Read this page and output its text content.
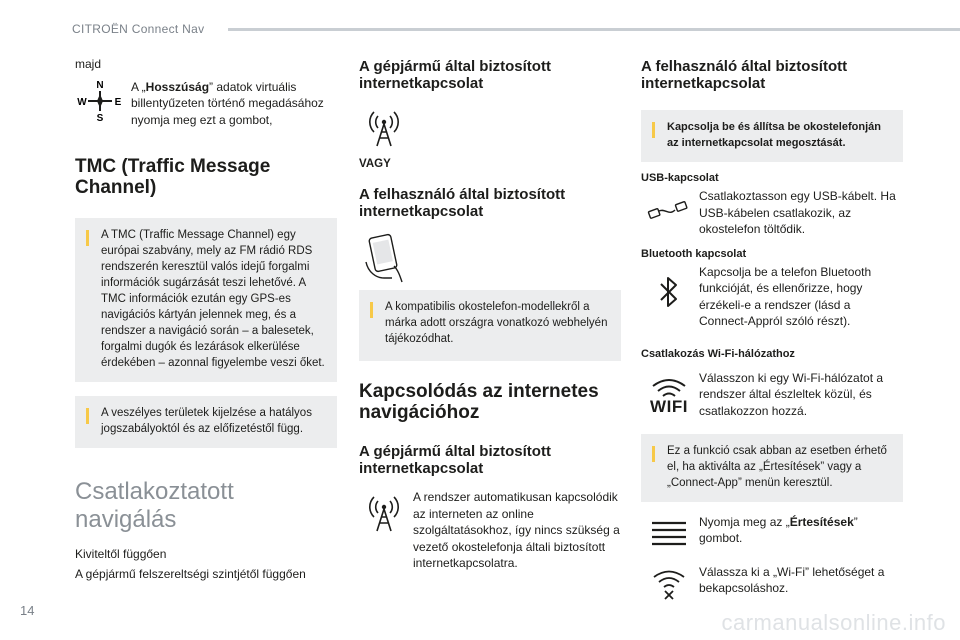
CITROËN Connect Nav

majd

N
W	E
S
A „Hosszúság” adatok virtuális billentyűzeten történő megadásához nyomja meg ezt a gombot,
TMC (Traffic Message Channel)

A TMC (Traffic Message Channel) egy európai szabvány, mely az FM rádió RDS rendszerén keresztül valós idejű forgalmi információk sugárzását teszi lehetővé. A TMC információk ezután egy GPS-es navigációs kártyán jelennek meg, és a rendszer a navigáció során – a balesetek, forgalmi dugók és lezárások elkerülése érdekében – azonnal figyelembe veszi őket.

A veszélyes területek kijelzése a hatályos jogszabályoktól és az előfizetéstől függ.

Csatlakoztatott navigálás

Kiviteltől függően

A gépjármű felszereltségi szintjétől függően

A gépjármű által biztosított internetkapcsolat

VAGY

A felhasználó által biztosított internetkapcsolat

A kompatibilis okostelefon-modellekről a márka adott országra vonatkozó webhelyén tájékozódhat.

Kapcsolódás az internetes navigációhoz
A gépjármű által biztosított internetkapcsolat
A rendszer automatikusan kapcsolódik az interneten az online szolgáltatásokhoz, így nincs szükség a vezető okostelefonja általi biztosított internetkapcsolatra.
A felhasználó által biztosított internetkapcsolat

Kapcsolja be és állítsa be okostelefonján az internetkapcsolat megosztását.

USB-kapcsolat

Csatlakoztasson egy USB-kábelt. Ha USB-kábelen csatlakozik, az okostelefon töltődik.

Bluetooth kapcsolat

Kapcsolja be a telefon Bluetooth funkcióját, és ellenőrizze, hogy érzékeli-e a rendszer (lásd a Connect-Appról szóló részt).

Csatlakozás Wi-Fi-hálózathoz

WIFI
Válasszon ki egy Wi-Fi-hálózatot a rendszer által észleltek közül, és csatlakozzon hozzá.

Ez a funkció csak abban az esetben érhető el, ha aktiválta az „Értesítések” vagy a „Connect-App” menün keresztül.

Nyomja meg az „Értesítések” gombot.
Válassza ki a „Wi-Fi” lehetőséget a bekapcsoláshoz.
14	carmanualsonline.info
